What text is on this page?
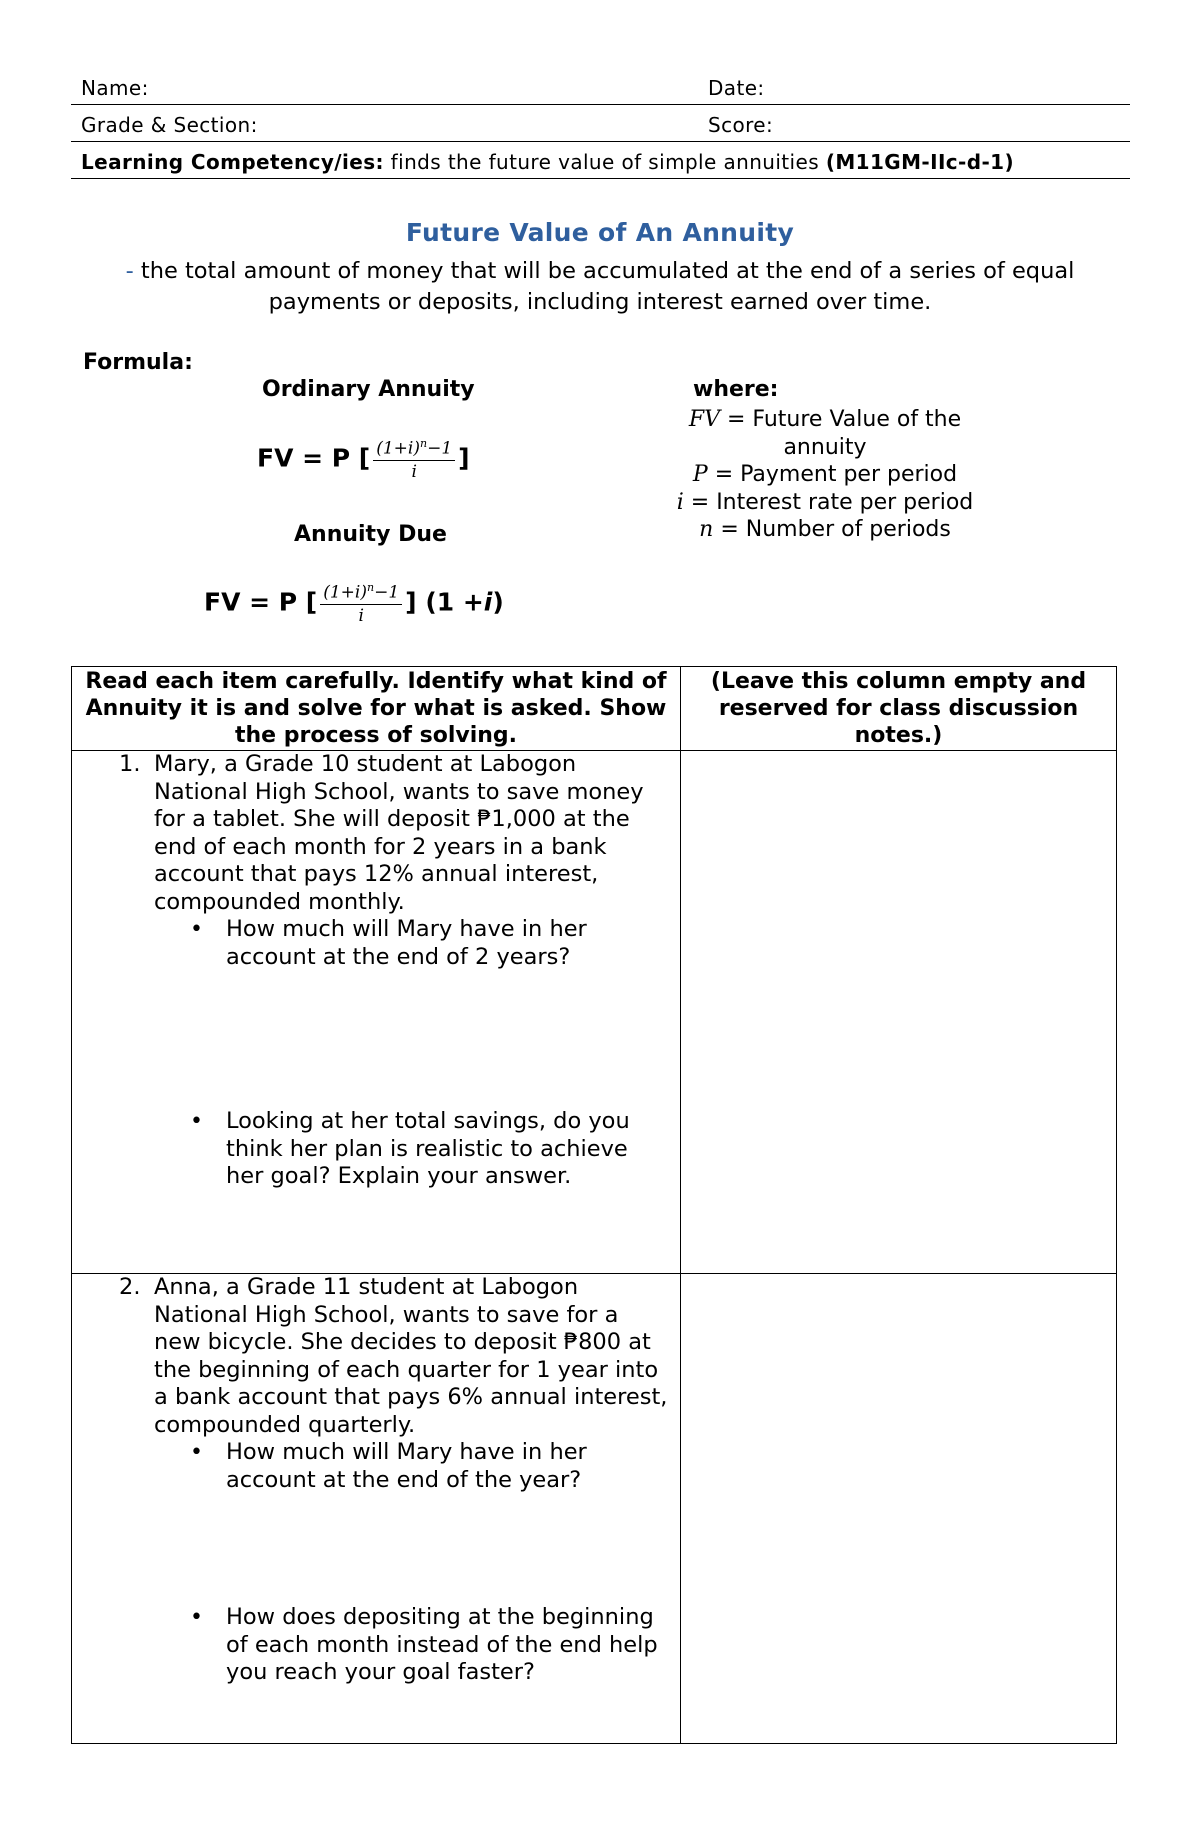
Name:	Date:
Grade & Section:	Score:
Learning Competency/ies: finds the future value of simple annuities (M11GM-IIc-d-1)
Future Value of An Annuity
- the total amount of money that will be accumulated at the end of a series of equal payments or deposits, including interest earned over time.
Formula:
Ordinary Annuity
FV = P [ $\frac{(1+i)^n-1}{i}$ ]
Annuity Due
FV = P [ $\frac{(1+i)^n-1}{i}$ ] (1 +i)
where:
FV = Future Value of the annuity
P = Payment per period
i = Interest rate per period
n = Number of periods
Read each item carefully. Identify what kind of Annuity it is and solve for what is asked. Show the process of solving.	(Leave this column empty and reserved for class discussion notes.)

1. Mary, a Grade 10 student at Labogon National High School, wants to save money for a tablet. She will deposit ₱1,000 at the end of each month for 2 years in a bank account that pays 12% annual interest, compounded monthly.
• How much will Mary have in her account at the end of 2 years?
• Looking at her total savings, do you think her plan is realistic to achieve her goal? Explain your answer.

2. Anna, a Grade 11 student at Labogon National High School, wants to save for a new bicycle. She decides to deposit ₱800 at the beginning of each quarter for 1 year into a bank account that pays 6% annual interest, compounded quarterly.
• How much will Mary have in her account at the end of the year?
• How does depositing at the beginning of each month instead of the end help you reach your goal faster?
